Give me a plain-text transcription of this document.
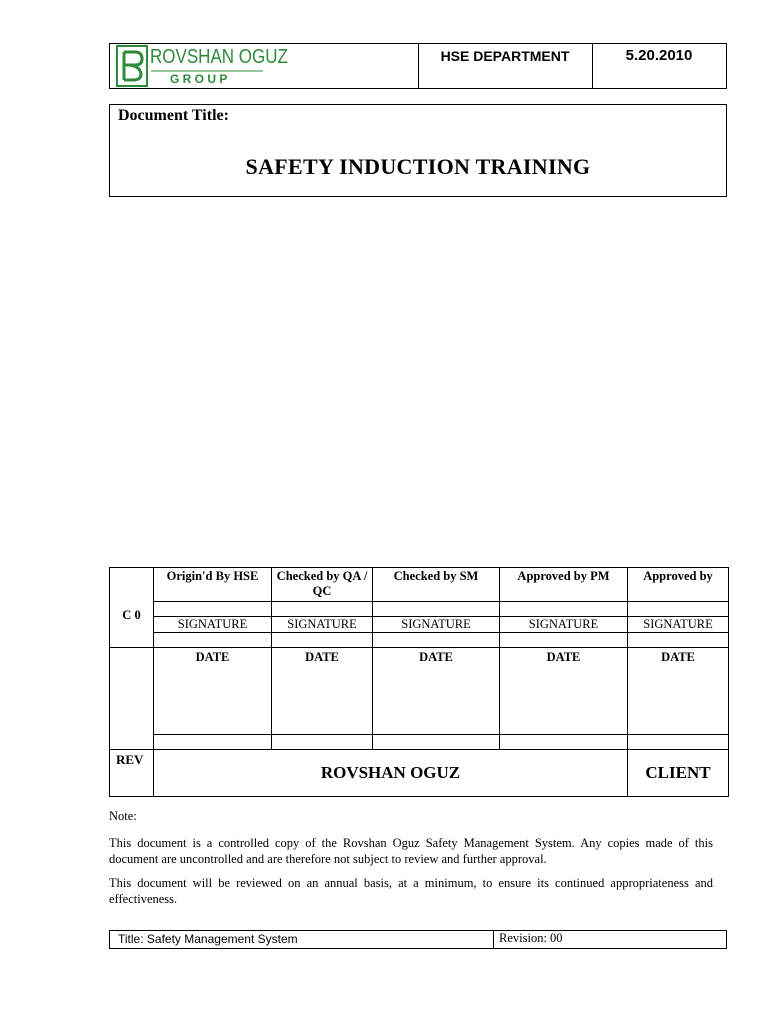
ROVSHAN OGUZ
G R O U P
HSE DEPARTMENT	5.20.2010
Document Title:
SAFETY INDUCTION TRAINING
C 0	Origin'd By HSE	Checked by QA / QC	Checked by SM	Approved by PM	Approved by

	SIGNATURE	SIGNATURE	SIGNATURE	SIGNATURE	SIGNATURE

	DATE	DATE	DATE	DATE	DATE

REV	ROVSHAN OGUZ				CLIENT

Note:

This document is a controlled copy of the Rovshan Oguz Safety Management System. Any copies made of this document are uncontrolled and are therefore not subject to review and further approval.

This document will be reviewed on an annual basis, at a minimum, to ensure its continued appropriateness and effectiveness.

Title: Safety Management System	Revision: 00
